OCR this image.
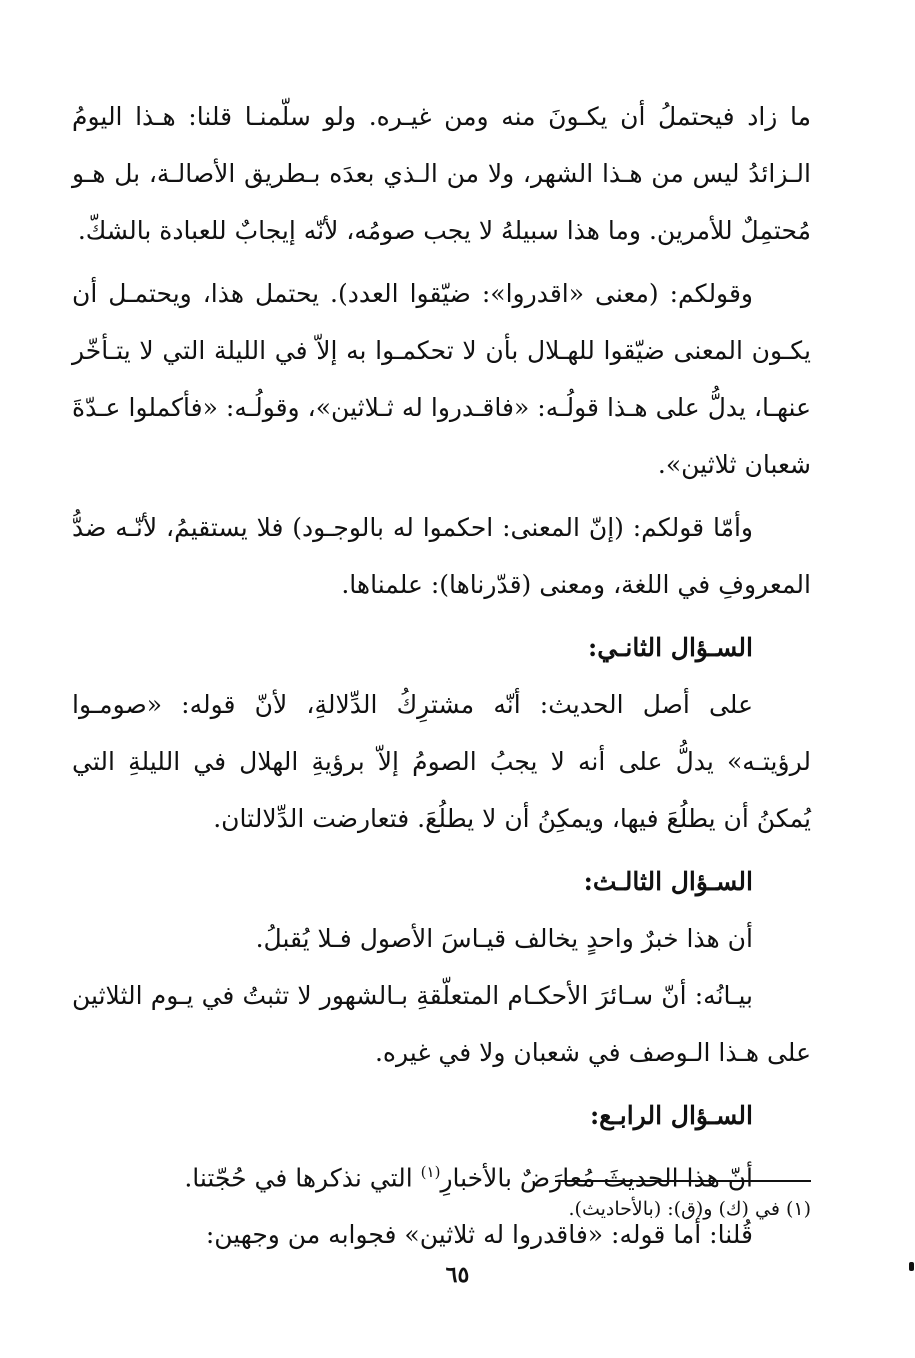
ما زاد فيحتملُ أن يكـونَ منه ومن غيـره. ولو سلّمنـا قلنا: هـذا اليومُ الـزائدُ ليس من هـذا الشهر، ولا من الـذي بعدَه بـطريق الأصالـة، بل هـو مُحتمِلٌ للأمرين. وما هذا سبيلهُ لا يجب صومُه، لأنّه إيجابٌ للعبادة بالشكّ.

وقولكم: (معنى «اقدروا»: ضيّقوا العدد). يحتمل هذا، ويحتمـل أن يكـون المعنى ضيّقوا للهـلال بأن لا تحكمـوا به إلاّ في الليلة التي لا يتـأخّر عنهـا، يدلُّ على هـذا قولُـه: «فاقـدروا له ثـلاثين»، وقولُـه: «فأكملوا عـدّةَ شعبان ثلاثين».

وأمّا قولكم: (إنّ المعنى: احكموا له بالوجـود) فلا يستقيمُ، لأنّـه ضدُّ المعروفِ في اللغة، ومعنى (قدّرناها): علمناها.

السـؤال الثانـي:

على أصل الحديث: أنّه مشترِكُ الدِّلالةِ، لأنّ قوله: «صومـوا لرؤيتـه» يدلُّ على أنه لا يجبُ الصومُ إلاّ برؤيةِ الهلال في الليلةِ التي يُمكنُ أن يطلُعَ فيها، ويمكِنُ أن لا يطلُعَ. فتعارضت الدِّلالتان.

السـؤال الثالـث:

أن هذا خبرٌ واحدٍ يخالف قيـاسَ الأصول فـلا يُقبلُ.

بيـانُه: أنّ سـائرَ الأحكـام المتعلّقةِ بـالشهور لا تثبتُ في يـوم الثلاثين على هـذا الـوصف في شعبان ولا في غيره.

السـؤال الرابـع:

أنّ هذا الحديثَ مُعارَضٌ بالأخبارِ$^{(١)}$ التي نذكرها في حُجّتنا.

قُلنا: أما قوله: «فاقدروا له ثلاثين» فجوابه من وجهين:

(١) في (ك) و(ق): (بالأحاديث).
٦٥
